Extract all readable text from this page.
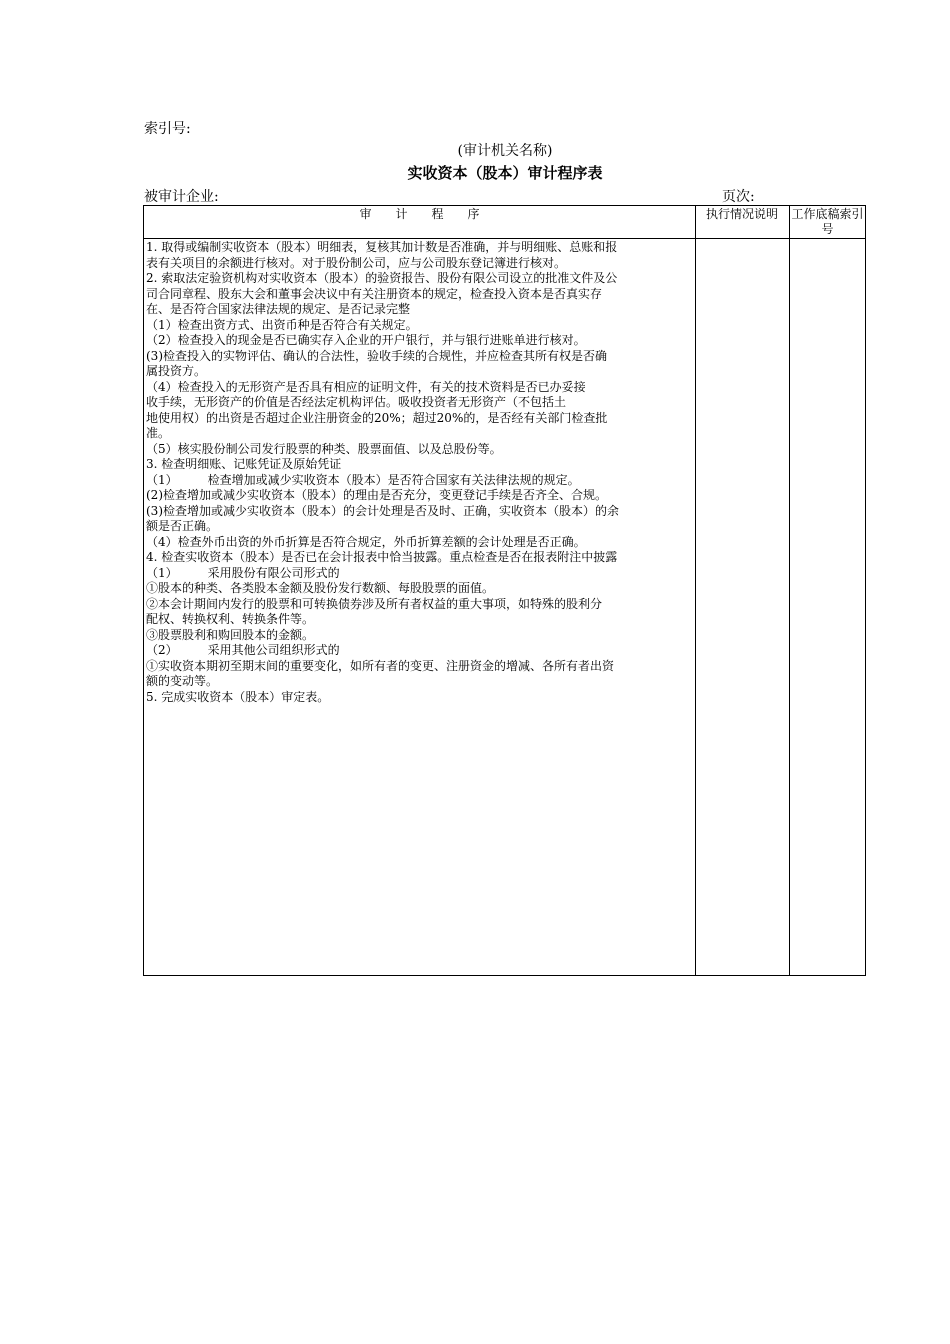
索引号:
(审计机关名称)
实收资本（股本）审计程序表
被审计企业:	页次:
审　　计　　程　　序	执行情况说明	工作底稿索引号
1. 取得或编制实收资本（股本）明细表，复核其加计数是否准确，并与明细账、总账和报
表有关项目的余额进行核对。对于股份制公司，应与公司股东登记簿进行核对。
2. 索取法定验资机构对实收资本（股本）的验资报告、股份有限公司设立的批准文件及公
司合同章程、股东大会和董事会决议中有关注册资本的规定，检查投入资本是否真实存
在、是否符合国家法律法规的规定、是否记录完整
（1）检查出资方式、出资币种是否符合有关规定。
（2）检查投入的现金是否已确实存入企业的开户银行，并与银行进账单进行核对。
(3)检查投入的实物评估、确认的合法性，验收手续的合规性，并应检查其所有权是否确
属投资方。
（4）检查投入的无形资产是否具有相应的证明文件，有关的技术资料是否已办妥接
收手续，无形资产的价值是否经法定机构评估。吸收投资者无形资产（不包括土
地使用权）的出资是否超过企业注册资金的20%；超过20%的，是否经有关部门检查批
准。
（5）核实股份制公司发行股票的种类、股票面值、以及总股份等。
3. 检查明细账、记账凭证及原始凭证
（1）　　　检查增加或减少实收资本（股本）是否符合国家有关法律法规的规定。
(2)检查增加或减少实收资本（股本）的理由是否充分，变更登记手续是否齐全、合规。
(3)检查增加或减少实收资本（股本）的会计处理是否及时、正确，实收资本（股本）的余
额是否正确。
（4）检查外币出资的外币折算是否符合规定，外币折算差额的会计处理是否正确。
4. 检查实收资本（股本）是否已在会计报表中恰当披露。重点检查是否在报表附注中披露
（1）　　　采用股份有限公司形式的
①股本的种类、各类股本金额及股份发行数额、每股股票的面值。
②本会计期间内发行的股票和可转换债券涉及所有者权益的重大事项，如特殊的股利分
配权、转换权利、转换条件等。
③股票股利和购回股本的金额。
（2）　　　采用其他公司组织形式的
①实收资本期初至期末间的重要变化，如所有者的变更、注册资金的增减、各所有者出资
额的变动等。
5. 完成实收资本（股本）审定表。
